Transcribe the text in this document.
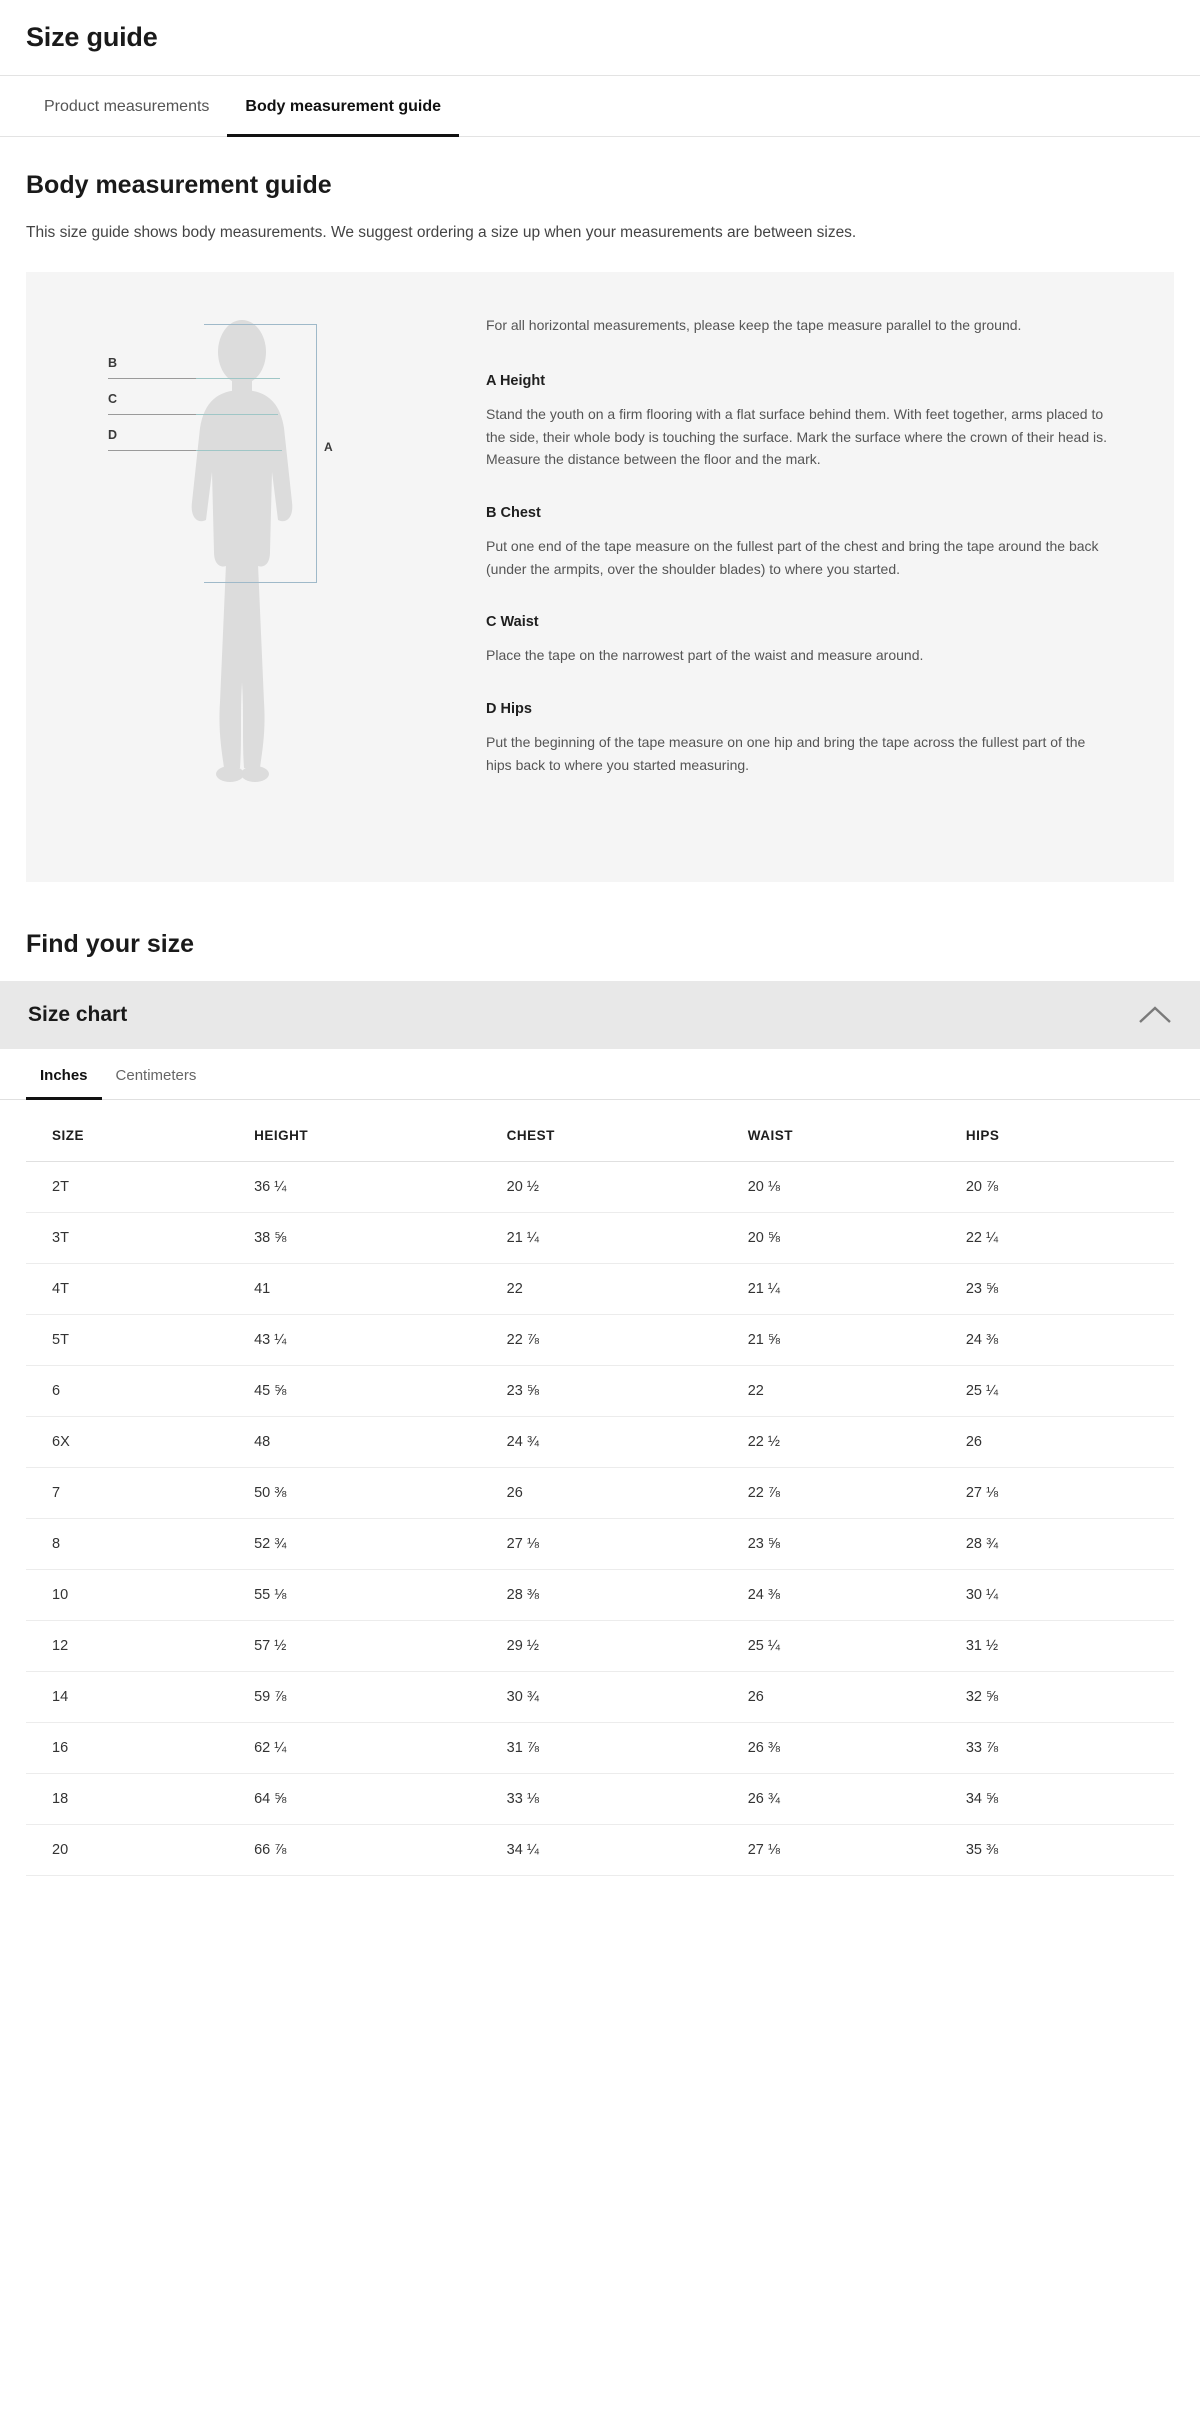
Size guide
Product measurements	Body measurement guide
Body measurement guide

This size guide shows body measurements. We suggest ordering a size up when your measurements are between sizes.

B
C
D
A

For all horizontal measurements, please keep the tape measure parallel to the ground.

A Height

Stand the youth on a firm flooring with a flat surface behind them. With feet together, arms placed to the side, their whole body is touching the surface. Mark the surface where the crown of their head is. Measure the distance between the floor and the mark.

B Chest

Put one end of the tape measure on the fullest part of the chest and bring the tape around the back (under the armpits, over the shoulder blades) to where you started.

C Waist

Place the tape on the narrowest part of the waist and measure around.

D Hips

Put the beginning of the tape measure on one hip and bring the tape across the fullest part of the hips back to where you started measuring.

Find your size
Size chart
Inches	Centimeters
SIZE	HEIGHT	CHEST	WAIST	HIPS
2T	36 ¼	20 ½	20 ⅛	20 ⅞
3T	38 ⅝	21 ¼	20 ⅝	22 ¼
4T	41	22	21 ¼	23 ⅝
5T	43 ¼	22 ⅞	21 ⅝	24 ⅜
6	45 ⅝	23 ⅝	22	25 ¼
6X	48	24 ¾	22 ½	26
7	50 ⅜	26	22 ⅞	27 ⅛
8	52 ¾	27 ⅛	23 ⅝	28 ¾
10	55 ⅛	28 ⅜	24 ⅜	30 ¼
12	57 ½	29 ½	25 ¼	31 ½
14	59 ⅞	30 ¾	26	32 ⅝
16	62 ¼	31 ⅞	26 ⅜	33 ⅞
18	64 ⅝	33 ⅛	26 ¾	34 ⅝
20	66 ⅞	34 ¼	27 ⅛	35 ⅜
